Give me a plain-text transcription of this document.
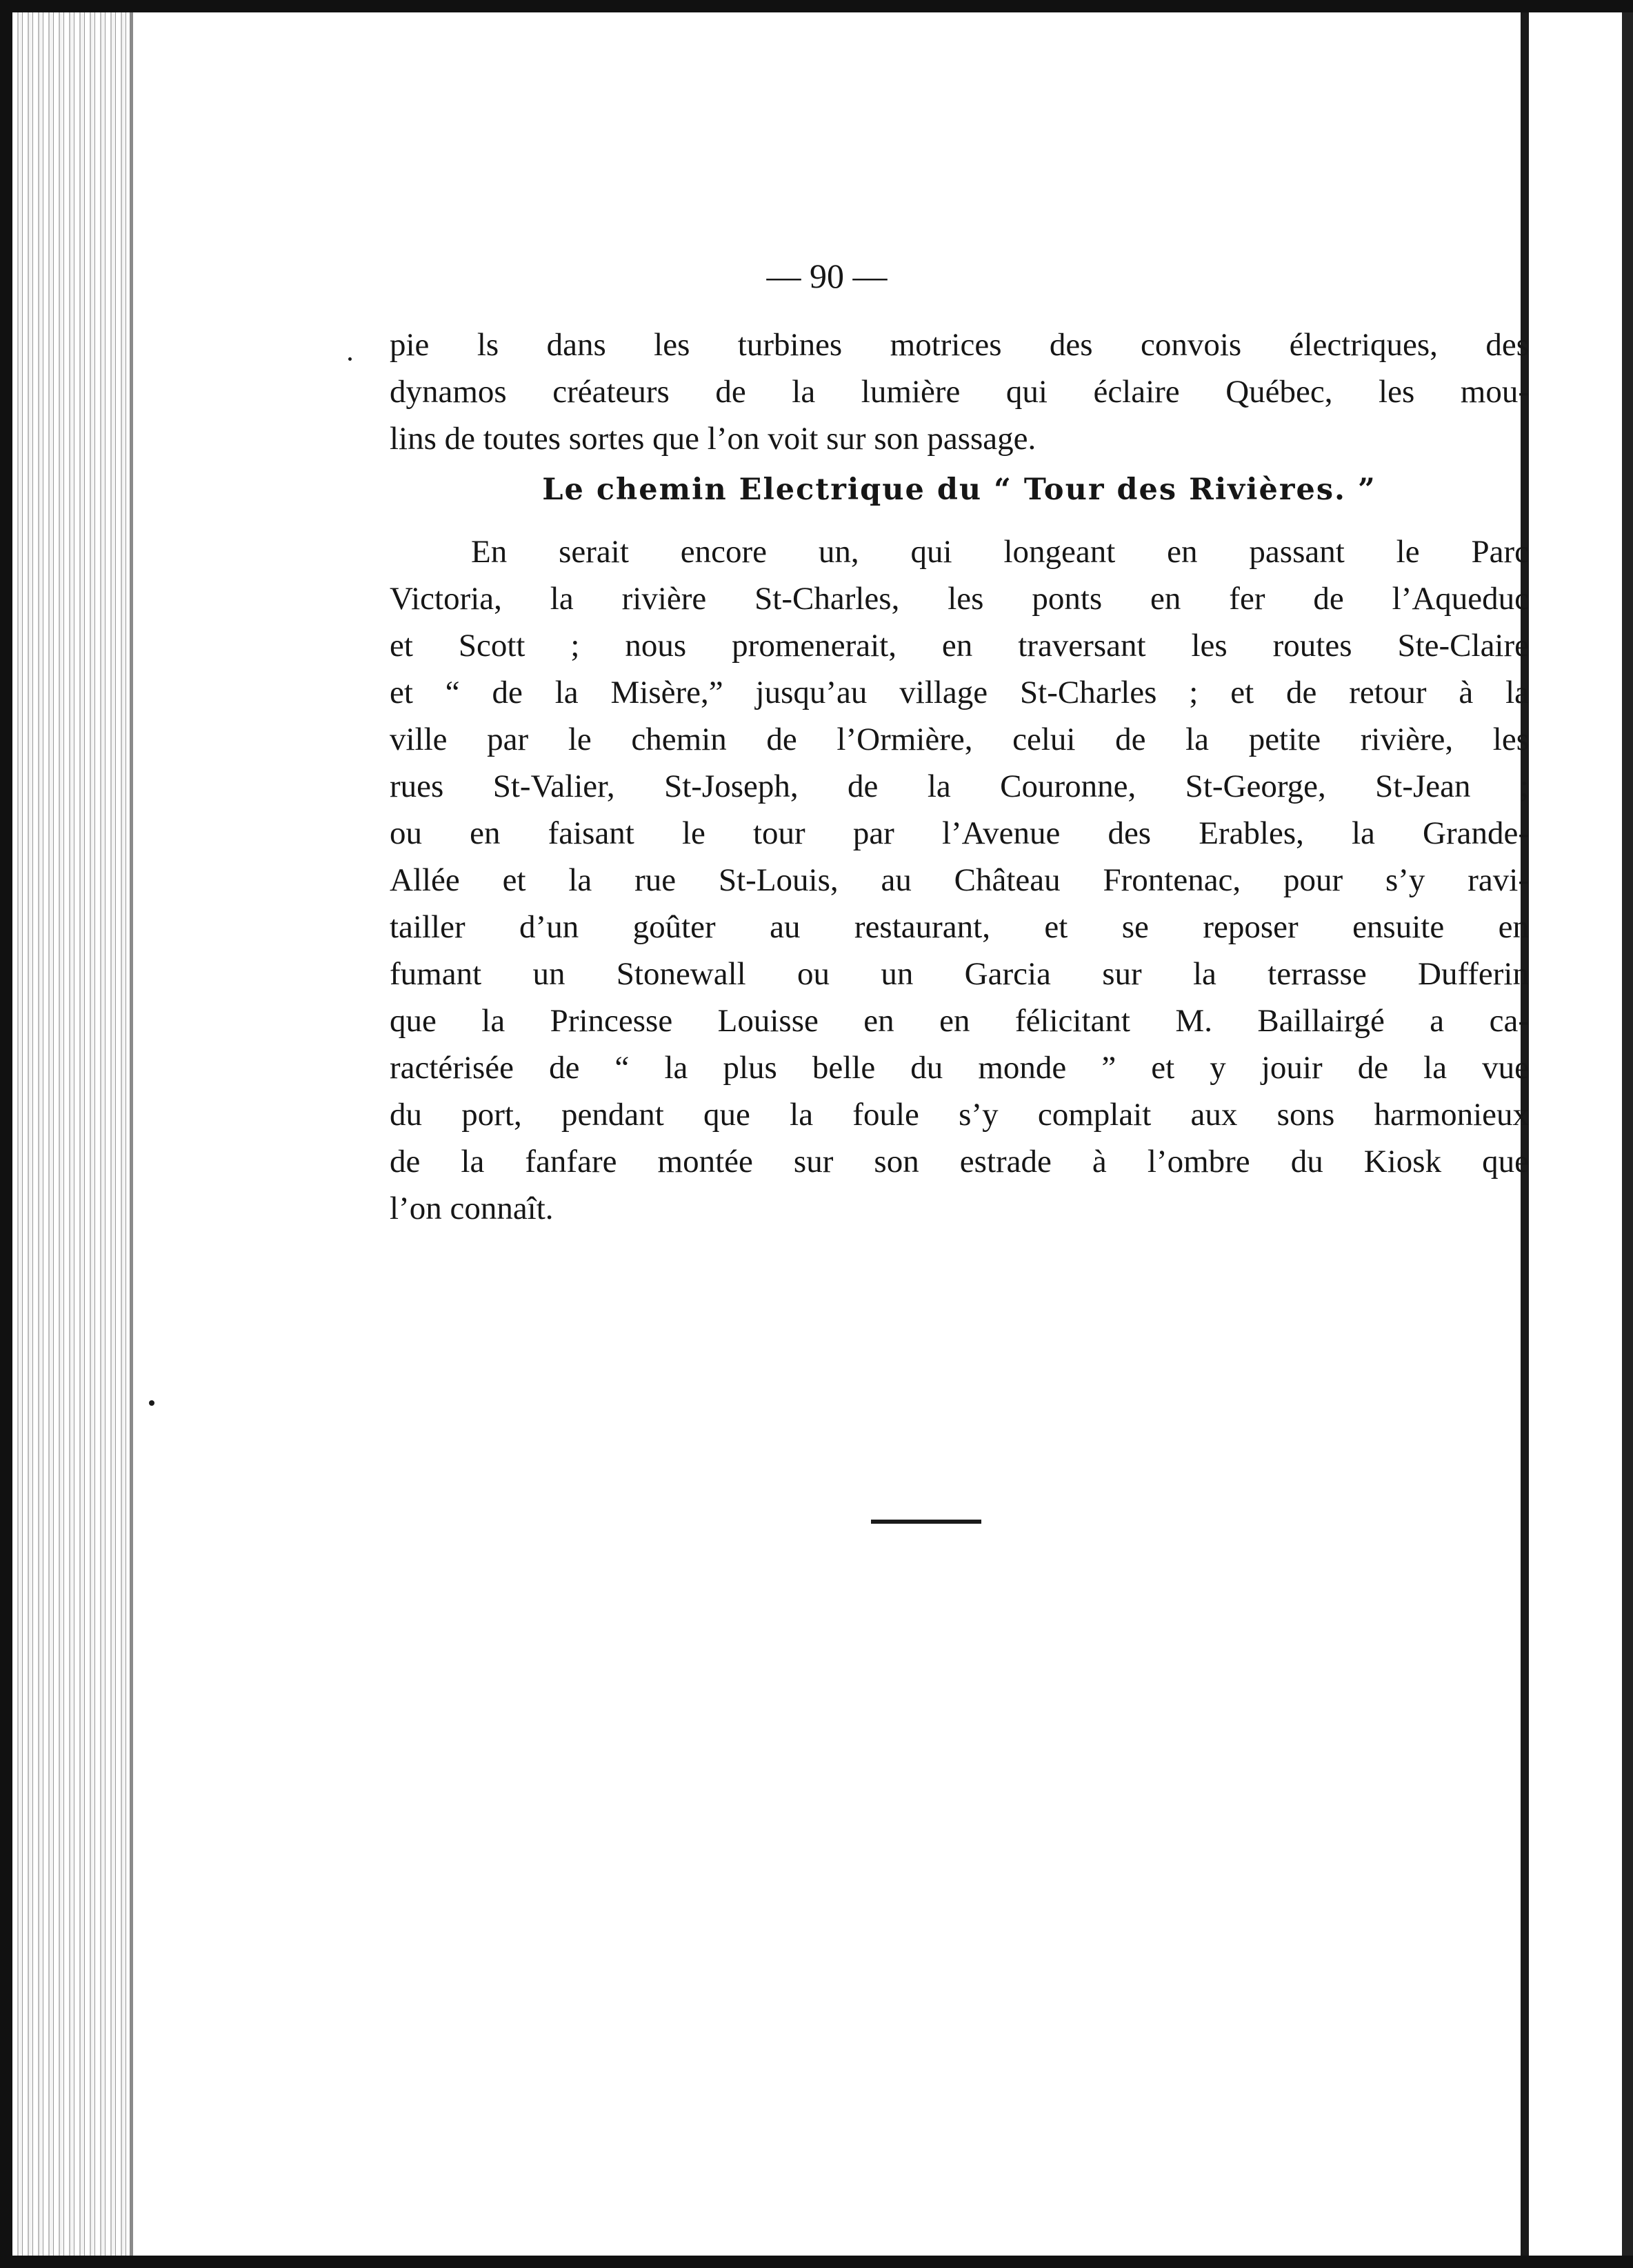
— 90 —
pie ls dans les turbines motrices des convois électriques, des
dynamos créateurs de la lumière qui éclaire Québec, les mou-
lins de toutes sortes que l’on voit sur son passage.
Le chemin Electrique du “ Tour des Rivières. ”
En serait encore un, qui longeant en passant le Parc
Victoria, la rivière St-Charles, les ponts en fer de l’Aqueduc
et Scott ; nous promenerait, en traversant les routes Ste-Claire
et “ de la Misère,” jusqu’au village St-Charles ; et de retour à la
ville par le chemin de l’Ormière, celui de la petite rivière, les
rues St-Valier, St-Joseph, de la Couronne, St-George, St-Jean ;
ou en faisant le tour par l’Avenue des Erables, la Grande-
Allée et la rue St-Louis, au Château Frontenac, pour s’y ravi-
tailler d’un goûter au restaurant, et se reposer ensuite en
fumant un Stonewall ou un Garcia sur la terrasse Dufferin
que la Princesse Louisse en en félicitant M. Baillairgé a ca-
ractérisée de “ la plus belle du monde ” et y jouir de la vue
du port, pendant que la foule s’y complait aux sons harmonieux
de la fanfare montée sur son estrade à l’ombre du Kiosk que
l’on connaît.
